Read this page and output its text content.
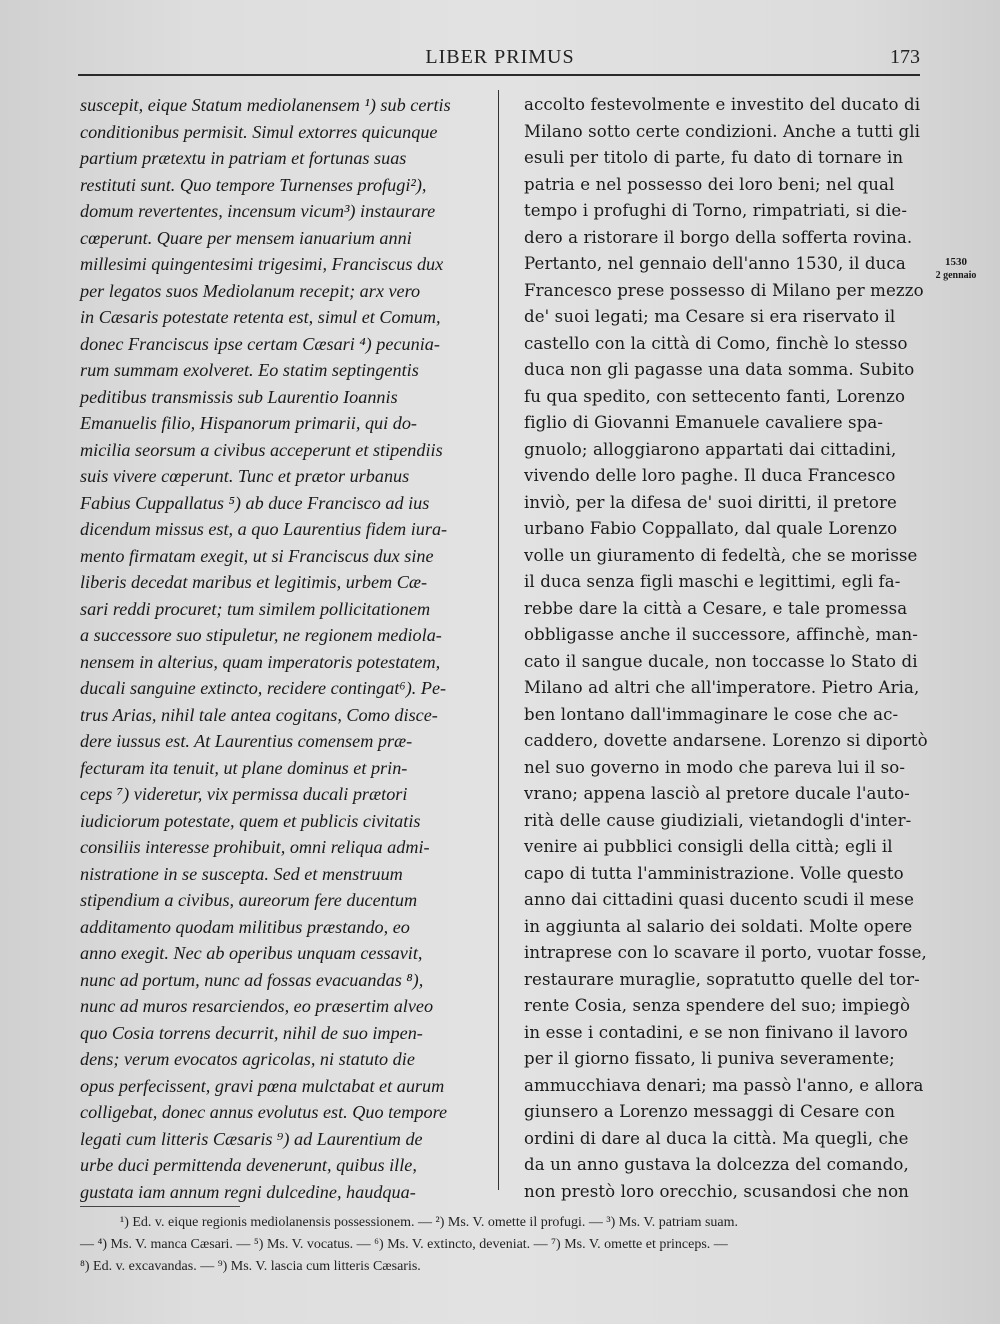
LIBER PRIMUS	173
suscepit, eique Statum mediolanensem ¹) sub certis
conditionibus permisit. Simul extorres quicunque
partium prætextu in patriam et fortunas suas
restituti sunt. Quo tempore Turnenses profugi²),
domum revertentes, incensum vicum³) instaurare
cœperunt. Quare per mensem ianuarium anni
millesimi quingentesimi trigesimi, Franciscus dux
per legatos suos Mediolanum recepit; arx vero
in Cæsaris potestate retenta est, simul et Comum,
donec Franciscus ipse certam Cæsari ⁴) pecunia-
rum summam exolveret. Eo statim septingentis
peditibus transmissis sub Laurentio Ioannis
Emanuelis filio, Hispanorum primarii, qui do-
micilia seorsum a civibus acceperunt et stipendiis
suis vivere cœperunt. Tunc et prætor urbanus
Fabius Cuppallatus ⁵) ab duce Francisco ad ius
dicendum missus est, a quo Laurentius fidem iura-
mento firmatam exegit, ut si Franciscus dux sine
liberis decedat maribus et legitimis, urbem Cæ-
sari reddi procuret; tum similem pollicitationem
a successore suo stipuletur, ne regionem mediola-
nensem in alterius, quam imperatoris potestatem,
ducali sanguine extincto, recidere contingat⁶). Pe-
trus Arias, nihil tale antea cogitans, Como disce-
dere iussus est. At Laurentius comensem præ-
fecturam ita tenuit, ut plane dominus et prin-
ceps ⁷) videretur, vix permissa ducali prætori
iudiciorum potestate, quem et publicis civitatis
consiliis interesse prohibuit, omni reliqua admi-
nistratione in se suscepta. Sed et menstruum
stipendium a civibus, aureorum fere ducentum
additamento quodam militibus præstando, eo
anno exegit. Nec ab operibus unquam cessavit,
nunc ad portum, nunc ad fossas evacuandas ⁸),
nunc ad muros resarciendos, eo præsertim alveo
quo Cosia torrens decurrit, nihil de suo impen-
dens; verum evocatos agricolas, ni statuto die
opus perfecissent, gravi pœna mulctabat et aurum
colligebat, donec annus evolutus est. Quo tempore
legati cum litteris Cæsaris ⁹) ad Laurentium de
urbe duci permittenda devenerunt, quibus ille,
gustata iam annum regni dulcedine, haudqua-
accolto festevolmente e investito del ducato di
Milano sotto certe condizioni. Anche a tutti gli
esuli per titolo di parte, fu dato di tornare in
patria e nel possesso dei loro beni; nel qual
tempo i profughi di Torno, rimpatriati, si die-
dero a ristorare il borgo della sofferta rovina.
Pertanto, nel gennaio dell'anno 1530, il duca
Francesco prese possesso di Milano per mezzo
de' suoi legati; ma Cesare si era riservato il
castello con la città di Como, finchè lo stesso
duca non gli pagasse una data somma. Subito
fu qua spedito, con settecento fanti, Lorenzo
figlio di Giovanni Emanuele cavaliere spa-
gnuolo; alloggiarono appartati dai cittadini,
vivendo delle loro paghe. Il duca Francesco
inviò, per la difesa de' suoi diritti, il pretore
urbano Fabio Coppallato, dal quale Lorenzo
volle un giuramento di fedeltà, che se morisse
il duca senza figli maschi e legittimi, egli fa-
rebbe dare la città a Cesare, e tale promessa
obbligasse anche il successore, affinchè, man-
cato il sangue ducale, non toccasse lo Stato di
Milano ad altri che all'imperatore. Pietro Aria,
ben lontano dall'immaginare le cose che ac-
caddero, dovette andarsene. Lorenzo si diportò
nel suo governo in modo che pareva lui il so-
vrano; appena lasciò al pretore ducale l'auto-
rità delle cause giudiziali, vietandogli d'inter-
venire ai pubblici consigli della città; egli il
capo di tutta l'amministrazione. Volle questo
anno dai cittadini quasi ducento scudi il mese
in aggiunta al salario dei soldati. Molte opere
intraprese con lo scavare il porto, vuotar fosse,
restaurare muraglie, sopratutto quelle del tor-
rente Cosia, senza spendere del suo; impiegò
in esse i contadini, e se non finivano il lavoro
per il giorno fissato, li puniva severamente;
ammucchiava denari; ma passò l'anno, e allora
giunsero a Lorenzo messaggi di Cesare con
ordini di dare al duca la città. Ma quegli, che
da un anno gustava la dolcezza del comando,
non prestò loro orecchio, scusandosi che non
1530
2 gennaio
¹) Ed. v. eique regionis mediolanensis possessionem. — ²) Ms. V. omette il profugi. — ³) Ms. V. patriam suam.
— ⁴) Ms. V. manca Cæsari. — ⁵) Ms. V. vocatus. — ⁶) Ms. V. extincto, deveniat. — ⁷) Ms. V. omette et princeps. —
⁸) Ed. v. excavandas. — ⁹) Ms. V. lascia cum litteris Cæsaris.
